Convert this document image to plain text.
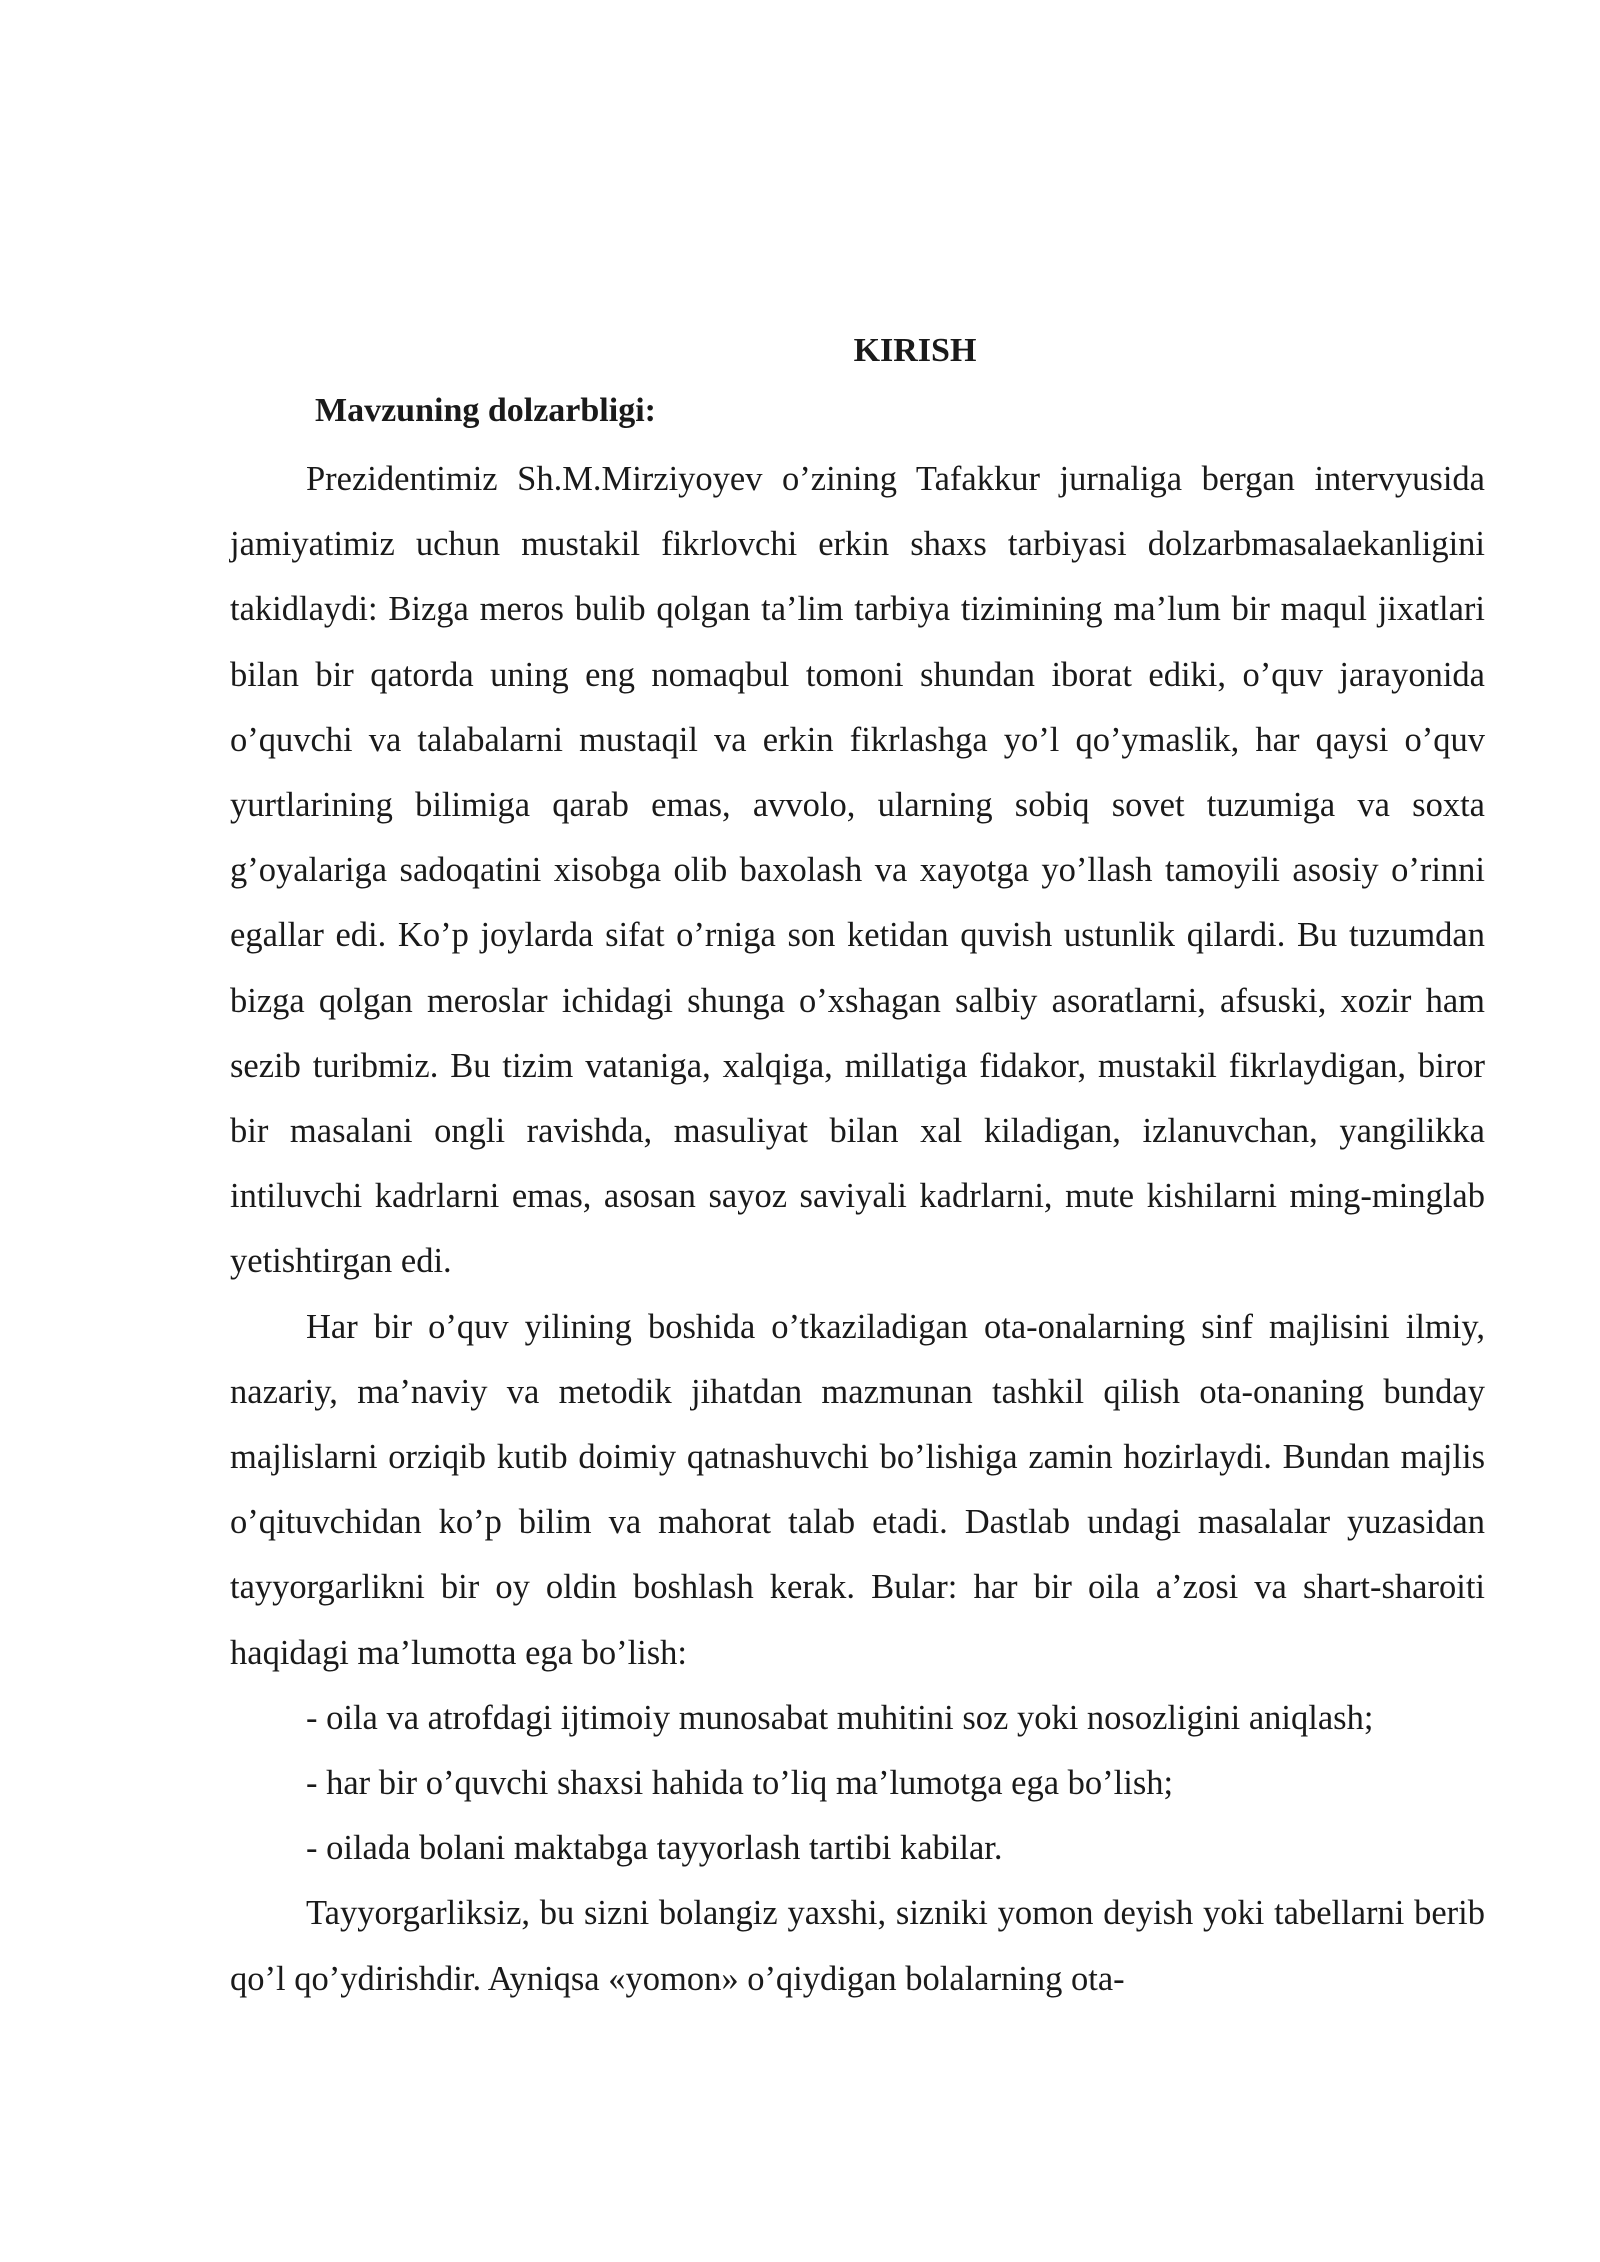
KIRISH
Mavzuning dolzarbligi:

Prezidentimiz Sh.M.Mirziyoyev o’zining Tafakkur jurnaliga bergan intervyusida jamiyatimiz uchun mustakil fikrlovchi erkin shaxs tarbiyasi dolzarbmasalaekanligini takidlaydi: Bizga meros bulib qolgan ta’lim tarbiya tizimining ma’lum bir maqul jixatlari bilan bir qatorda uning eng nomaqbul tomoni shundan iborat ediki, o’quv jarayonida o’quvchi va talabalarni mustaqil va erkin fikrlashga yo’l qo’ymaslik, har qaysi o’quv yurtlarining bilimiga qarab emas, avvolo, ularning sobiq sovet tuzumiga va soxta g’oyalariga sadoqatini xisobga olib baxolash va xayotga yo’llash tamoyili asosiy o’rinni egallar edi. Ko’p joylarda sifat o’rniga son ketidan quvish ustunlik qilardi. Bu tuzumdan bizga qolgan meroslar ichidagi shunga o’xshagan salbiy asoratlarni, afsuski, xozir ham sezib turibmiz. Bu tizim vataniga, xalqiga, millatiga fidakor, mustakil fikrlaydigan, biror bir masalani ongli ravishda, masuliyat bilan xal kiladigan, izlanuvchan, yangilikka intiluvchi kadrlarni emas, asosan sayoz saviyali kadrlarni, mute kishilarni ming-minglab yetishtirgan edi.

Har bir o’quv yilining boshida o’tkaziladigan ota-onalarning sinf majlisini ilmiy, nazariy, ma’naviy va metodik jihatdan mazmunan tashkil qilish ota-onaning bunday majlislarni orziqib kutib doimiy qatnashuvchi bo’lishiga zamin hozirlaydi. Bundan majlis o’qituvchidan ko’p bilim va mahorat talab etadi. Dastlab undagi masalalar yuzasidan tayyorgarlikni bir oy oldin boshlash kerak. Bular: har bir oila a’zosi va shart-sharoiti haqidagi ma’lumotta ega bo’lish:

- oila va atrofdagi ijtimoiy munosabat muhitini soz yoki nosozligini aniqlash;
- har bir o’quvchi shaxsi hahida to’liq ma’lumotga ega bo’lish;
- oilada bolani maktabga tayyorlash tartibi kabilar.

Tayyorgarliksiz, bu sizni bolangiz yaxshi, sizniki yomon deyish yoki tabellarni berib qo’l qo’ydirishdir. Ayniqsa «yomon» o’qiydigan bolalarning ota-
